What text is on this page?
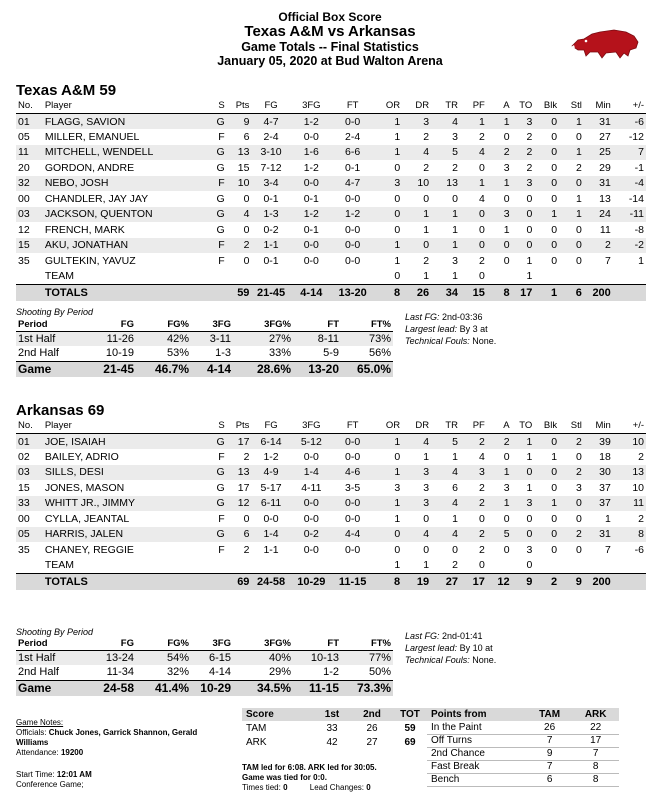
Official Box Score
Texas A&M vs Arkansas
Game Totals -- Final Statistics
January 05, 2020 at Bud Walton Arena
Texas A&M 59
No.	Player	S	Pts	FG	3FG	FT	OR	DR	TR	PF	A	TO	Blk	Stl	Min	+/-
01	FLAGG, SAVION	G	9	4-7	1-2	0-0	1	3	4	1	1	3	0	1	31	-6
05	MILLER, EMANUEL	F	6	2-4	0-0	2-4	1	2	3	2	0	2	0	0	27	-12
11	MITCHELL, WENDELL	G	13	3-10	1-6	6-6	1	4	5	4	2	2	0	1	25	7
20	GORDON, ANDRE	G	15	7-12	1-2	0-1	0	2	2	0	3	2	0	2	29	-1
32	NEBO, JOSH	F	10	3-4	0-0	4-7	3	10	13	1	1	3	0	0	31	-4
00	CHANDLER, JAY JAY	G	0	0-1	0-1	0-0	0	0	0	4	0	0	0	1	13	-14
03	JACKSON, QUENTON	G	4	1-3	1-2	1-2	0	1	1	0	3	0	1	1	24	-11
12	FRENCH, MARK	G	0	0-2	0-1	0-0	0	1	1	0	1	0	0	0	11	-8
15	AKU, JONATHAN	F	2	1-1	0-0	0-0	1	0	1	0	0	0	0	0	2	-2
35	GULTEKIN, YAVUZ	F	0	0-1	0-0	0-0	1	2	3	2	0	1	0	0	7	1
	TEAM						0	1	1	0		1				
	TOTALS		59	21-45	4-14	13-20	8	26	34	15	8	17	1	6	200	
Shooting By Period
Period	FG	FG%	3FG	3FG%	FT	FT%
1st Half	11-26	42%	3-11	27%	8-11	73%
2nd Half	10-19	53%	1-3	33%	5-9	56%
Game	21-45	46.7%	4-14	28.6%	13-20	65.0%
Last FG: 2nd-03:36
Largest lead: By 3 at
Technical Fouls: None.
Arkansas 69
No.	Player	S	Pts	FG	3FG	FT	OR	DR	TR	PF	A	TO	Blk	Stl	Min	+/-
01	JOE, ISAIAH	G	17	6-14	5-12	0-0	1	4	5	2	2	1	0	2	39	10
02	BAILEY, ADRIO	F	2	1-2	0-0	0-0	0	1	1	4	0	1	1	0	18	2
03	SILLS, DESI	G	13	4-9	1-4	4-6	1	3	4	3	1	0	0	2	30	13
15	JONES, MASON	G	17	5-17	4-11	3-5	3	3	6	2	3	1	0	3	37	10
33	WHITT JR., JIMMY	G	12	6-11	0-0	0-0	1	3	4	2	1	3	1	0	37	11
00	CYLLA, JEANTAL	F	0	0-0	0-0	0-0	1	0	1	0	0	0	0	0	1	2
05	HARRIS, JALEN	G	6	1-4	0-2	4-4	0	4	4	2	5	0	0	2	31	8
35	CHANEY, REGGIE	F	2	1-1	0-0	0-0	0	0	0	2	0	3	0	0	7	-6
	TEAM						1	1	2	0		0				
	TOTALS		69	24-58	10-29	11-15	8	19	27	17	12	9	2	9	200	
Shooting By Period
Period	FG	FG%	3FG	3FG%	FT	FT%
1st Half	13-24	54%	6-15	40%	10-13	77%
2nd Half	11-34	32%	4-14	29%	1-2	50%
Game	24-58	41.4%	10-29	34.5%	11-15	73.3%
Last FG: 2nd-01:41
Largest lead: By 10 at
Technical Fouls: None.
Game Notes:
Officials: Chuck Jones, Garrick Shannon, Gerald Williams
Attendance: 19200
Start Time: 12:01 AM
Conference Game;
Score	1st	2nd	TOT
TAM	33	26	59
ARK	42	27	69
TAM led for 6:08. ARK led for 30:05.
Game was tied for 0:0.
Times tied: 0	Lead Changes: 0
Points from	TAM	ARK
In the Paint	26	22
Off Turns	7	17
2nd Chance	9	7
Fast Break	7	8
Bench	6	8
